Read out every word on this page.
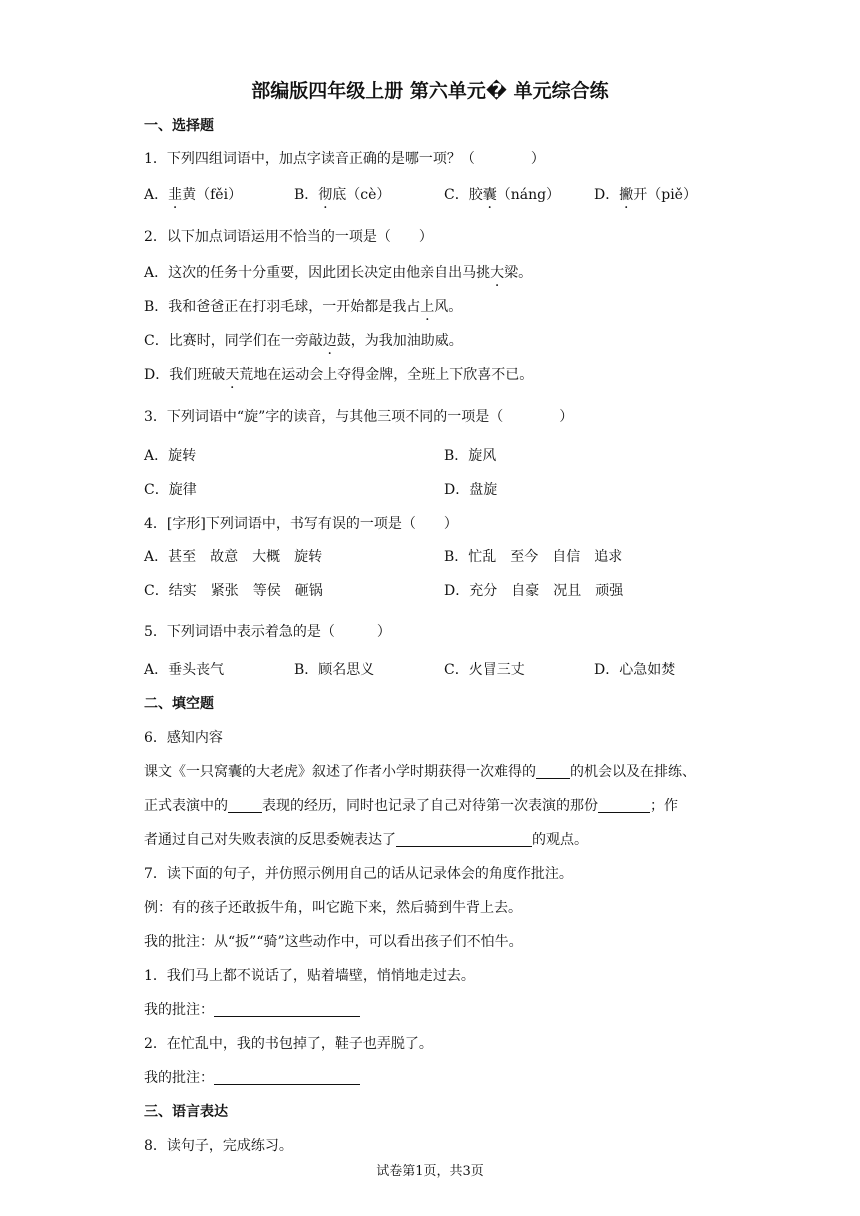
部编版四年级上册 第六单元� 单元综合练
一、选择题
1．下列四组词语中，加点字读音正确的是哪一项？（　　　　）
A．韭黄（fěi）	B．彻底（cè）	C．胶囊（náng） D．撇开（piě）
2．以下加点词语运用不恰当的一项是（　　）
A．这次的任务十分重要，因此团长决定由他亲自出马挑大梁。
B．我和爸爸正在打羽毛球，一开始都是我占上风。
C．比赛时，同学们在一旁敲边鼓，为我加油助威。
D．我们班破天荒地在运动会上夺得金牌，全班上下欣喜不已。
3．下列词语中“旋”字的读音，与其他三项不同的一项是（　　　　）
A．旋转	B．旋风
C．旋律	D．盘旋
4．[字形]下列词语中，书写有误的一项是（　　）
A．甚至　故意　大概　旋转	B．忙乱　至今　自信　追求
C．结实　紧张　等侯　砸锅	D．充分　自豪　况且　顽强
5．下列词语中表示着急的是（　　　）
A．垂头丧气	B．顾名思义	C．火冒三丈	D．心急如焚
二、填空题
6．感知内容
课文《一只窝囊的大老虎》叙述了作者小学时期获得一次难得的 的机会以及在排练、
正式表演中的 表现的经历，同时也记录了自己对待第一次表演的那份	；作
者通过自己对失败表演的反思委婉表达了	的观点。
7．读下面的句子，并仿照示例用自己的话从记录体会的角度作批注。
例：有的孩子还敢扳牛角，叫它跪下来，然后骑到牛背上去。
我的批注：从“扳”“骑”这些动作中，可以看出孩子们不怕牛。
1．我们马上都不说话了，贴着墙壁，悄悄地走过去。
我的批注：
2．在忙乱中，我的书包掉了，鞋子也弄脱了。
我的批注：
三、语言表达
8．读句子，完成练习。
试卷第1页，共3页
